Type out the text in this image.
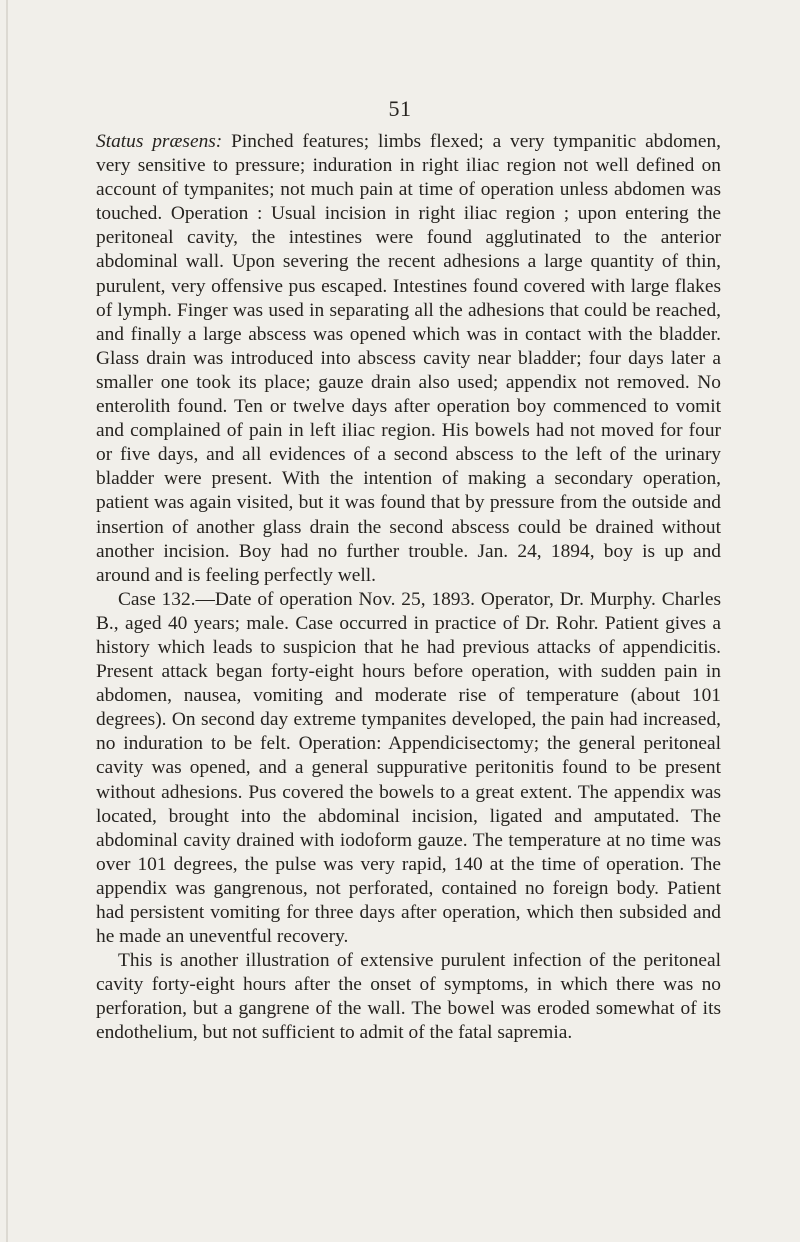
51

Status præsens: Pinched features; limbs flexed; a very tympanitic abdomen, very sensitive to pressure; induration in right iliac region not well defined on account of tympanites; not much pain at time of operation unless abdomen was touched. Operation : Usual incision in right iliac region ; upon entering the peritoneal cavity, the intestines were found agglutinated to the anterior abdominal wall. Upon severing the recent adhesions a large quantity of thin, purulent, very offensive pus escaped. Intestines found covered with large flakes of lymph. Finger was used in separating all the adhesions that could be reached, and finally a large abscess was opened which was in contact with the bladder. Glass drain was introduced into abscess cavity near bladder; four days later a smaller one took its place; gauze drain also used; appendix not removed. No enterolith found. Ten or twelve days after operation boy commenced to vomit and complained of pain in left iliac region. His bowels had not moved for four or five days, and all evidences of a second abscess to the left of the urinary bladder were present. With the intention of making a secondary operation, patient was again visited, but it was found that by pressure from the outside and insertion of another glass drain the second abscess could be drained without another incision. Boy had no further trouble. Jan. 24, 1894, boy is up and around and is feeling perfectly well.

Case 132.—Date of operation Nov. 25, 1893. Operator, Dr. Murphy. Charles B., aged 40 years; male. Case occurred in practice of Dr. Rohr. Patient gives a history which leads to suspicion that he had previous attacks of appendicitis. Present attack began forty-eight hours before operation, with sudden pain in abdomen, nausea, vomiting and moderate rise of temperature (about 101 degrees). On second day extreme tympanites developed, the pain had increased, no induration to be felt. Operation: Appendicisectomy; the general peritoneal cavity was opened, and a general suppurative peritonitis found to be present without adhesions. Pus covered the bowels to a great extent. The appendix was located, brought into the abdominal incision, ligated and amputated. The abdominal cavity drained with iodoform gauze. The temperature at no time was over 101 degrees, the pulse was very rapid, 140 at the time of operation. The appendix was gangrenous, not perforated, contained no foreign body. Patient had persistent vomiting for three days after operation, which then subsided and he made an uneventful recovery.

This is another illustration of extensive purulent infection of the peritoneal cavity forty-eight hours after the onset of symptoms, in which there was no perforation, but a gangrene of the wall. The bowel was eroded somewhat of its endothelium, but not sufficient to admit of the fatal sapremia.
